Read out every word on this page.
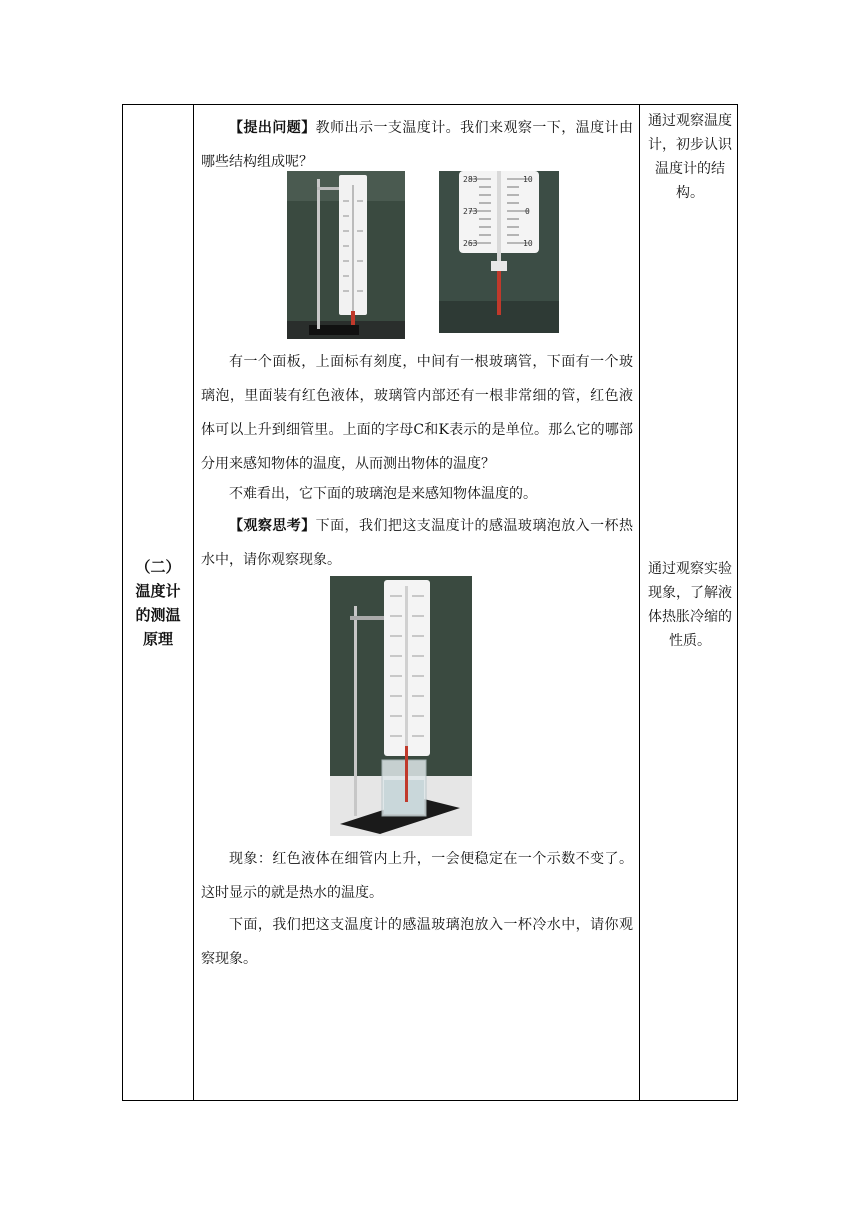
（二）
温度计
的测温
原理
【提出问题】教师出示一支温度计。我们来观察一下，温度计由哪些结构组成呢？
283	10
273	0
263	10
有一个面板，上面标有刻度，中间有一根玻璃管，下面有一个玻璃泡，里面装有红色液体，玻璃管内部还有一根非常细的管，红色液体可以上升到细管里。上面的字母C和K表示的是单位。那么它的哪部分用来感知物体的温度，从而测出物体的温度？
不难看出，它下面的玻璃泡是来感知物体温度的。
【观察思考】下面，我们把这支温度计的感温玻璃泡放入一杯热水中，请你观察现象。
现象：红色液体在细管内上升，一会便稳定在一个示数不变了。这时显示的就是热水的温度。
下面，我们把这支温度计的感温玻璃泡放入一杯冷水中，请你观察现象。
通过观察温度计，初步认识温度计的结构。
通过观察实验现象，了解液体热胀冷缩的性质。
